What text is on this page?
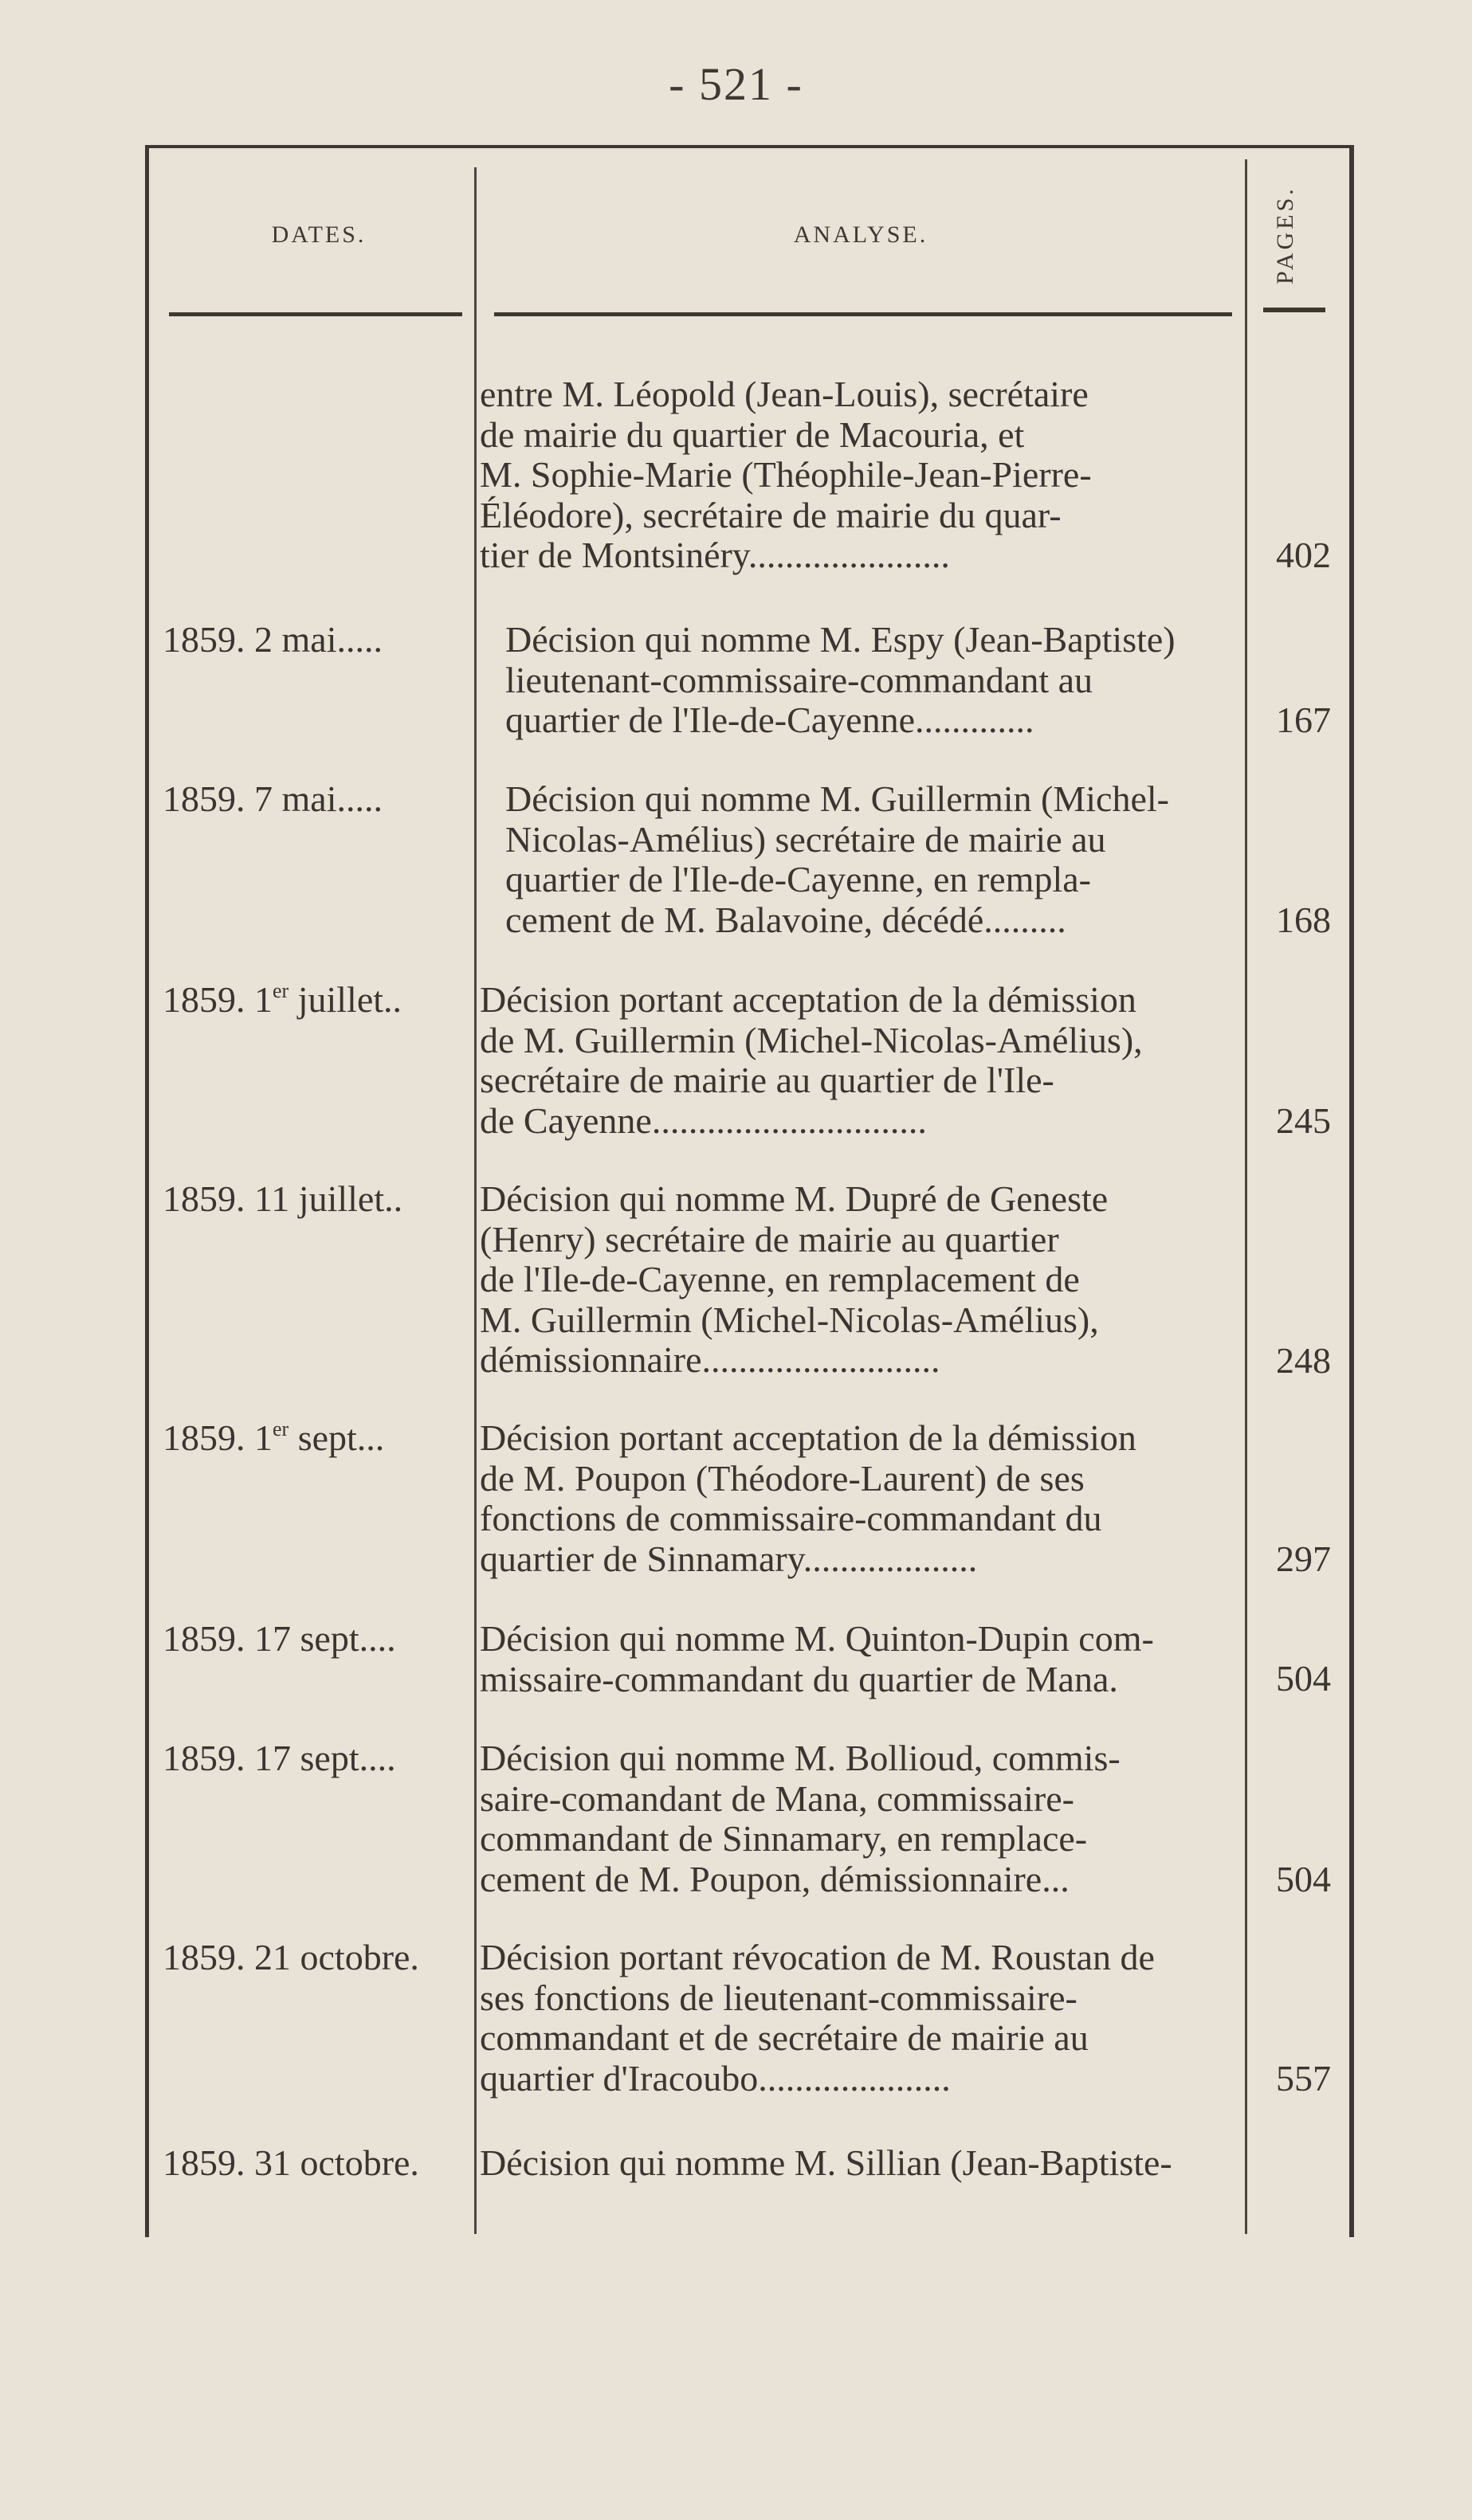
- 521 -
DATES.	ANALYSE.	PAGES.
entre M. Léopold (Jean-Louis), secrétaire
de mairie du quartier de Macouria, et
M. Sophie-Marie (Théophile-Jean-Pierre-
Éléodore), secrétaire de mairie du quar-
tier de Montsinéry......................	402
1859. 2 mai.....	Décision qui nomme M. Espy (Jean-Baptiste)
lieutenant-commissaire-commandant au
quartier de l'Ile-de-Cayenne.............	167
1859. 7 mai.....	Décision qui nomme M. Guillermin (Michel-
Nicolas-Amélius) secrétaire de mairie au
quartier de l'Ile-de-Cayenne, en rempla-
cement de M. Balavoine, décédé.........	168
1859. 1er juillet..	Décision portant acceptation de la démission
de M. Guillermin (Michel-Nicolas-Amélius),
secrétaire de mairie au quartier de l'Ile-
de Cayenne..............................	245
1859. 11 juillet..	Décision qui nomme M. Dupré de Geneste
(Henry) secrétaire de mairie au quartier
de l'Ile-de-Cayenne, en remplacement de
M. Guillermin (Michel-Nicolas-Amélius),
démissionnaire..........................	248
1859. 1er sept...	Décision portant acceptation de la démission
de M. Poupon (Théodore-Laurent) de ses
fonctions de commissaire-commandant du
quartier de Sinnamary...................	297
1859. 17 sept....	Décision qui nomme M. Quinton-Dupin com-
missaire-commandant du quartier de Mana.	504
1859. 17 sept....	Décision qui nomme M. Bollioud, commis-
saire-comandant de Mana, commissaire-
commandant de Sinnamary, en remplace-
cement de M. Poupon, démissionnaire...	504
1859. 21 octobre.	Décision portant révocation de M. Roustan de
ses fonctions de lieutenant-commissaire-
commandant et de secrétaire de mairie au
quartier d'Iracoubo.....................	557
1859. 31 octobre.	Décision qui nomme M. Sillian (Jean-Baptiste-
